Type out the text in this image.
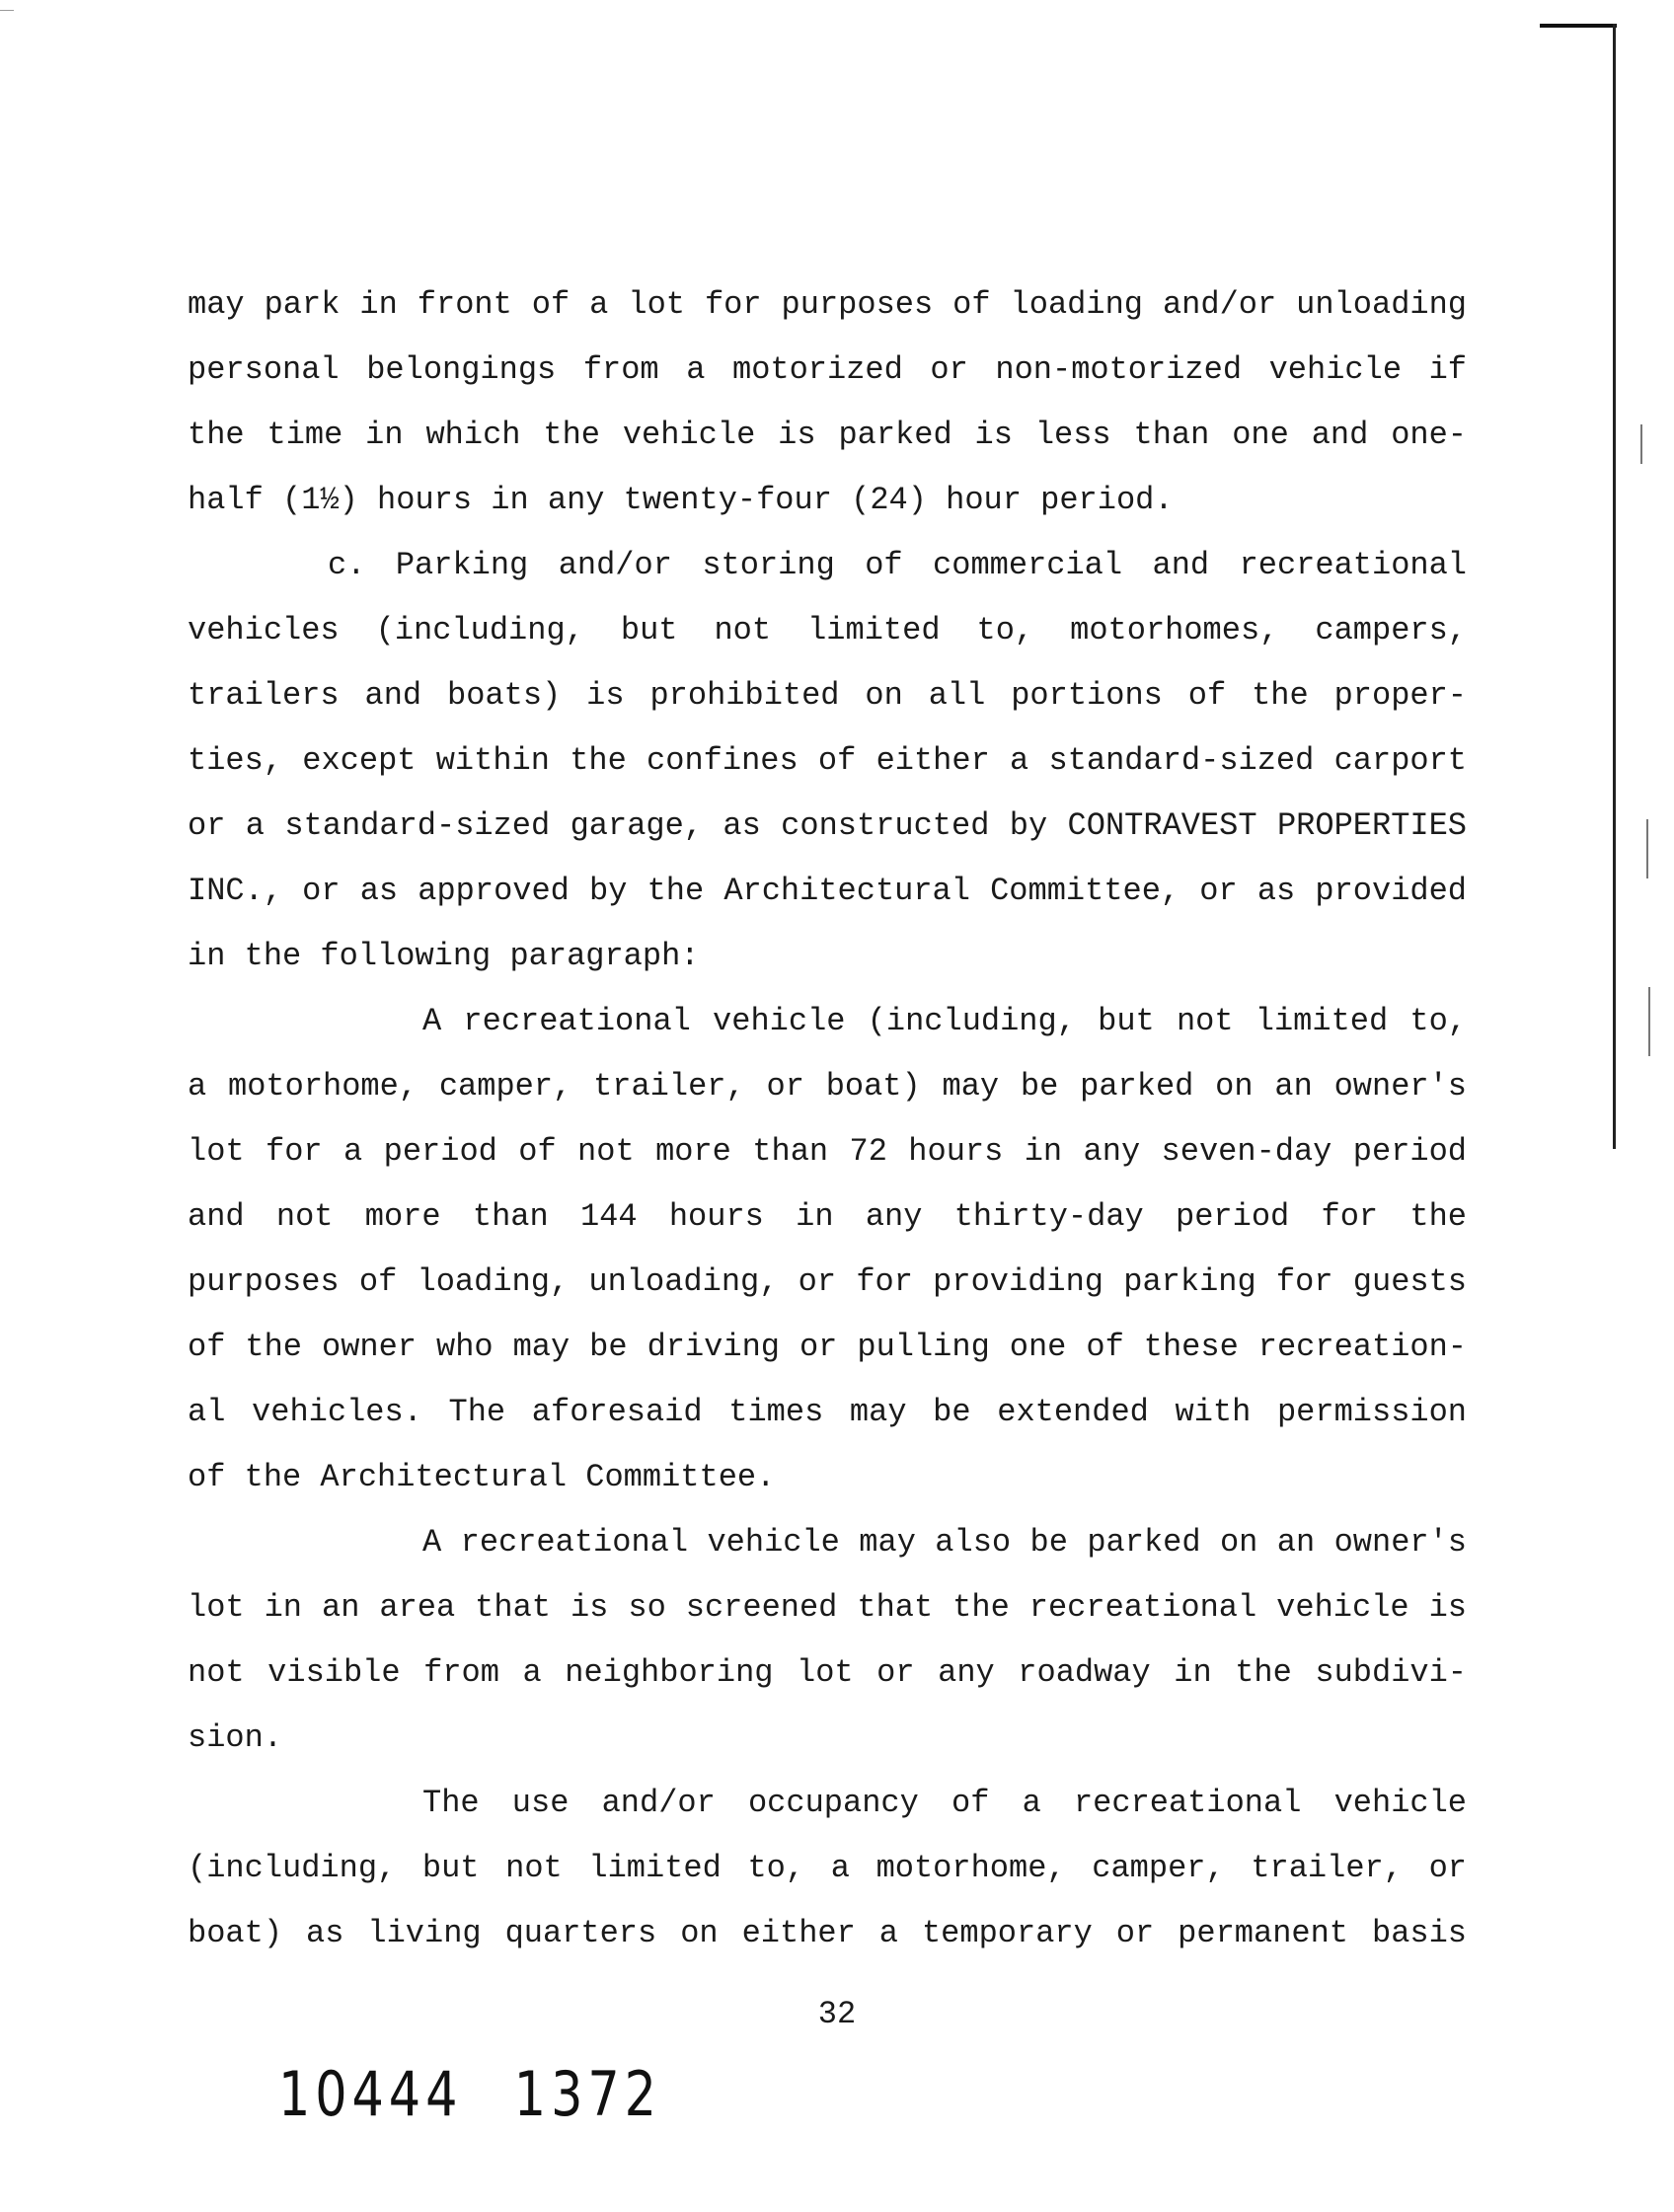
may park in front of a lot for purposes of loading and/or unloading
personal belongings from a motorized or non-motorized vehicle if
the time in which the vehicle is parked is less than one and one-
half (1½) hours in any twenty-four (24) hour period.
c. Parking and/or storing of commercial and recreational
vehicles (including, but not limited to, motorhomes, campers,
trailers and boats) is prohibited on all portions of the proper-
ties, except within the confines of either a standard-sized carport
or a standard-sized garage, as constructed by CONTRAVEST PROPERTIES
INC., or as approved by the Architectural Committee, or as provided
in the following paragraph:
A recreational vehicle (including, but not limited to,
a motorhome, camper, trailer, or boat) may be parked on an owner's
lot for a period of not more than 72 hours in any seven-day period
and not more than 144 hours in any thirty-day period for the
purposes of loading, unloading, or for providing parking for guests
of the owner who may be driving or pulling one of these recreation-
al vehicles. The aforesaid times may be extended with permission
of the Architectural Committee.
A recreational vehicle may also be parked on an owner's
lot in an area that is so screened that the recreational vehicle is
not visible from a neighboring lot or any roadway in the subdivi-
sion.
The use and/or occupancy of a recreational vehicle
(including, but not limited to, a motorhome, camper, trailer, or
boat) as living quarters on either a temporary or permanent basis
32
10444 1372
